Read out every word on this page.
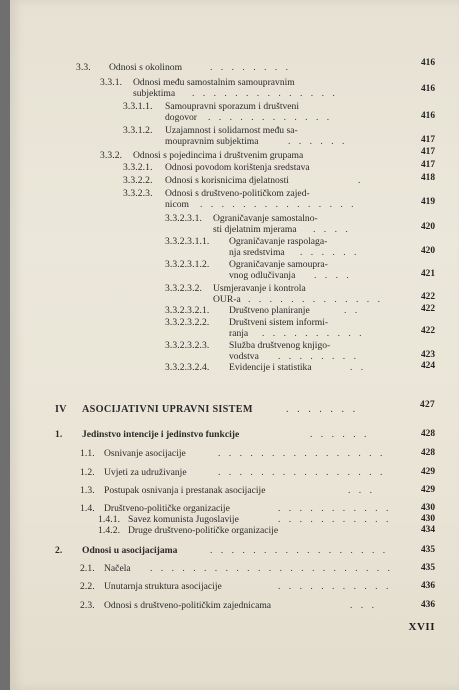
3.3. Odnosi s okolinom	. . . . . . . .	416
3.3.1. Odnosi među samostalnim samoupravnim
subjektima . . . . . . . . . . . . . .	416
3.3.1.1. Samoupravni sporazum i društveni
dogovor . . . . . . . . . . . .	416
3.3.1.2. Uzajamnost i solidarnost među sa-
moupravnim subjektima	. . . . . .	417
3.3.2. Odnosi s pojedincima i društvenim grupama	417
3.3.2.1. Odnosi povodom korištenja sredstava	417
3.3.2.2. Odnosi s korisnicima djelatnosti	.	418
3.3.2.3. Odnosi s društveno-političkom zajed-
nicom . . . . . . . . . . . . . . .	419
3.3.2.3.1. Ograničavanje samostalno-
sti djelatnim mjerama . . . .	420
3.3.2.3.1.1. Ograničavanje raspolaga-
nja sredstvima . . . . . .	420
3.3.2.3.1.2. Ograničavanje samoupra-
vnog odlučivanja . . . .	421
3.3.2.3.2. Usmjeravanje i kontrola
OUR-a . . . . . . . . . . . . .	422
3.3.2.3.2.1. Društveno planiranje	. .	422
3.3.2.3.2.2. Društveni sistem informi-
ranja . . . . . . . . . .	422
3.3.2.3.2.3. Služba društvenog knjigo-
vodstva . . . . . . . .	423
3.3.2.3.2.4. Evidencije i statistika	. .	424
IV ASOCIJATIVNI UPRAVNI SISTEM	. . . . . . .	427
1. Jedinstvo intencije i jedinstvo funkcije	. . . . . .	428
1.1. Osnivanje asocijacije	. . . . . . . . . . . . . . . .	428
1.2. Uvjeti za udruživanje	. . . . . . . . . . . . . . . .	429
1.3. Postupak osnivanja i prestanak asocijacije	. . .	429
1.4. Društveno-političke organizacije	. . . . . . . . . . .	430
1.4.1. Savez komunista Jugoslavije	. . . . . . . . . . .	430
1.4.2. Druge društveno-političke organizacije	434
2. Odnosi u asocijacijama	. . . . . . . . . . . . . . . . .	435
2.1. Načela . . . . . . . . . . . . . . . . . . . . . . .	435
2.2. Unutarnja struktura asocijacije	. . . . . . . . . . .	436
2.3. Odnosi s društveno-političkim zajednicama	. . .	436
XVII
